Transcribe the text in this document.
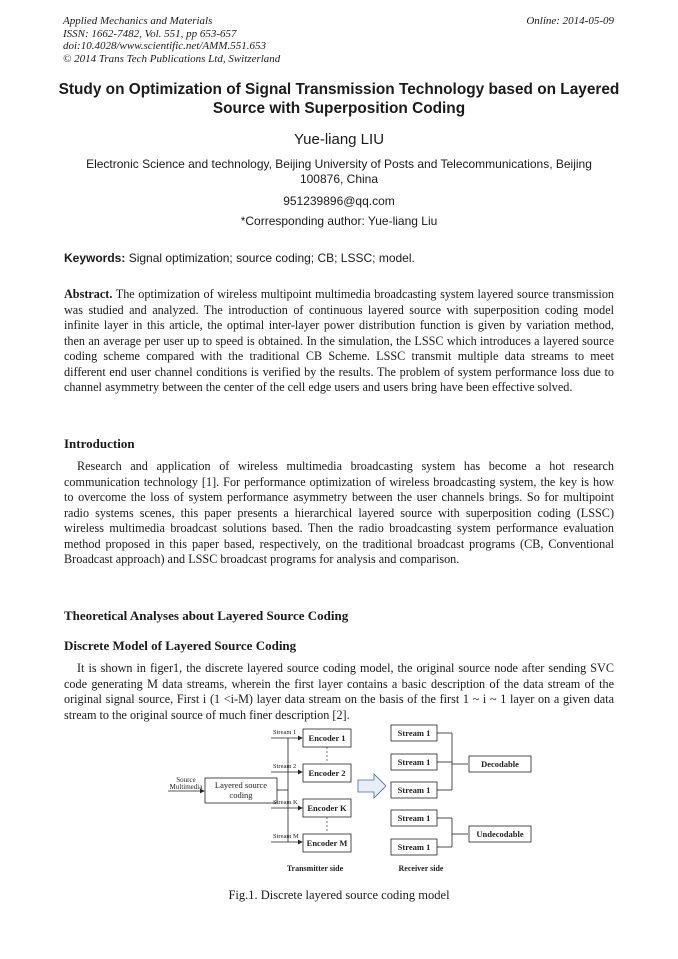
Applied Mechanics and Materials
ISSN: 1662-7482, Vol. 551, pp 653-657
doi:10.4028/www.scientific.net/AMM.551.653
© 2014 Trans Tech Publications Ltd, Switzerland
Online: 2014-05-09
Study on Optimization of Signal Transmission Technology based on Layered Source with Superposition Coding
Yue-liang LIU
Electronic Science and technology, Beijing University of Posts and Telecommunications, Beijing 100876, China
951239896@qq.com
*Corresponding author: Yue-liang Liu
Keywords: Signal optimization; source coding; CB; LSSC; model.

Abstract. The optimization of wireless multipoint multimedia broadcasting system layered source transmission was studied and analyzed. The introduction of continuous layered source with superposition coding model infinite layer in this article, the optimal inter-layer power distribution function is given by variation method, then an average per user up to speed is obtained. In the simulation, the LSSC which introduces a layered source coding scheme compared with the traditional CB Scheme. LSSC transmit multiple data streams to meet different end user channel conditions is verified by the results. The problem of system performance loss due to channel asymmetry between the center of the cell edge users and users bring have been effective solved.

Introduction

Research and application of wireless multimedia broadcasting system has become a hot research communication technology [1]. For performance optimization of wireless broadcasting system, the key is how to overcome the loss of system performance asymmetry between the user channels brings. So for multipoint radio systems scenes, this paper presents a hierarchical layered source with superposition coding (LSSC) wireless multimedia broadcast solutions based. Then the radio broadcasting system performance evaluation method proposed in this paper based, respectively, on the traditional broadcast programs (CB, Conventional Broadcast approach) and LSSC broadcast programs for analysis and comparison.

Theoretical Analyses about Layered Source Coding
Discrete Model of Layered Source Coding

It is shown in figer1, the discrete layered source coding model, the original source node after sending SVC code generating M data streams, wherein the first layer contains a basic description of the data stream of the original signal source, First i (1 <i-M) layer data stream on the basis of the first 1 ~ i ~ 1 layer on a given data stream to the original source of much finer description [2].

Source
Multimedia Layered source
coding
Stream 1
Stream 2
Stream K
Stream M
Encoder 1
Encoder 2
Encoder K
Encoder M
Stream 1
Stream 1
Stream 1
Stream 1
Stream 1
Decodable
Undecodable
Transmitter side	Receiver side
Fig.1. Discrete layered source coding model
